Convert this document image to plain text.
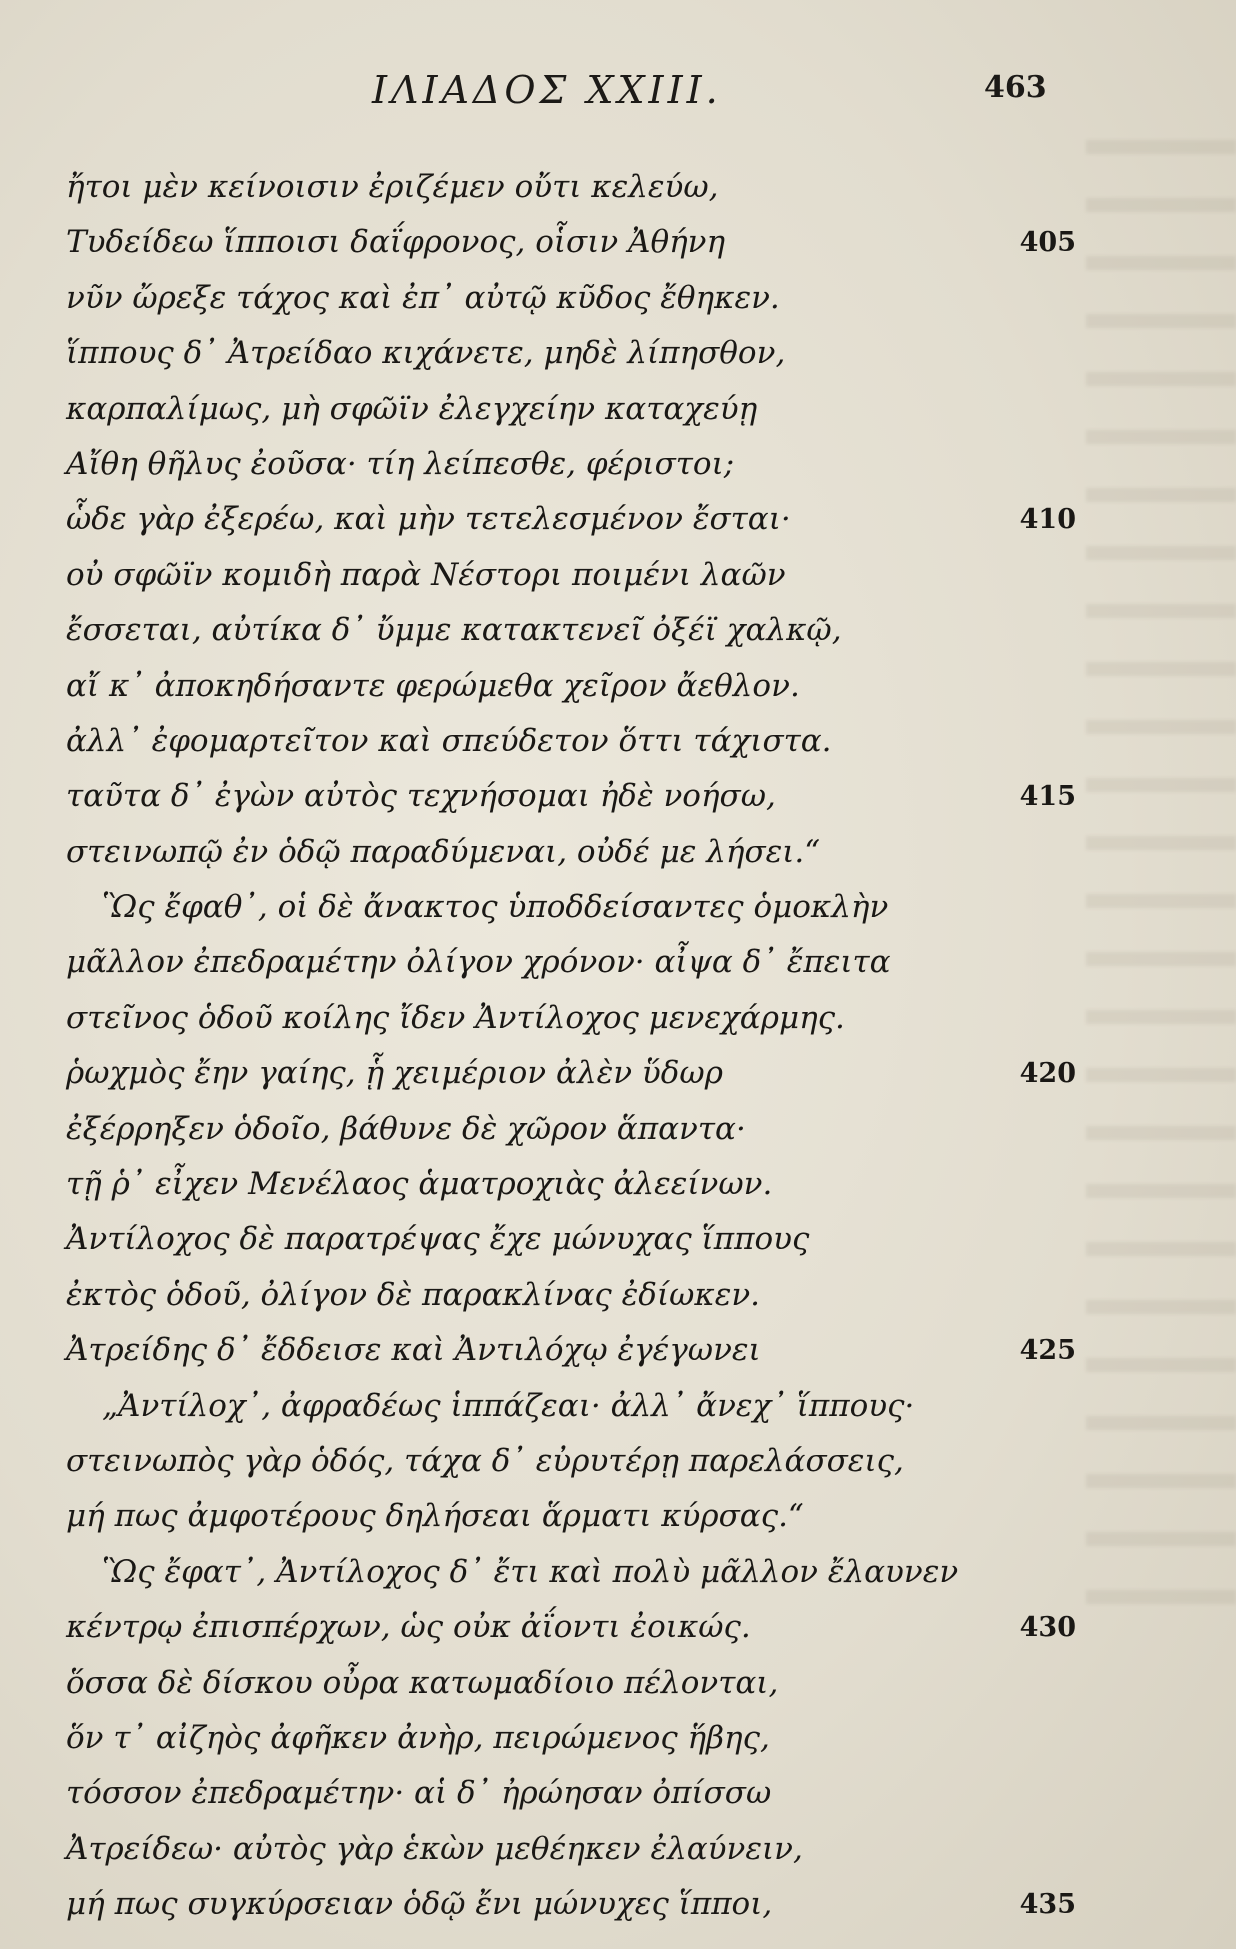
ΙΛΙΑΔΟΣ XXIII.	463
ἤτοι μὲν κείνοισιν ἐριζέμεν οὔτι κελεύω,
Τυδείδεω ἵπποισι δαΐφρονος, οἷσιν Ἀθήνη	405
νῦν ὤρεξε τάχος καὶ ἐπ᾽ αὐτῷ κῦδος ἔθηκεν.
ἵππους δ᾽ Ἀτρείδαο κιχάνετε, μηδὲ λίπησθον,
καρπαλίμως, μὴ σφῶϊν ἐλεγχείην καταχεύῃ
Αἴθη θῆλυς ἐοῦσα· τίη λείπεσθε, φέριστοι;
ὧδε γὰρ ἐξερέω, καὶ μὴν τετελεσμένον ἔσται·	410
οὐ σφῶϊν κομιδὴ παρὰ Νέστορι ποιμένι λαῶν
ἔσσεται, αὐτίκα δ᾽ ὔμμε κατακτενεῖ ὀξέϊ χαλκῷ,
αἴ κ᾽ ἀποκηδήσαντε φερώμεθα χεῖρον ἄεθλον.
ἀλλ᾽ ἐφομαρτεῖτον καὶ σπεύδετον ὅττι τάχιστα.
ταῦτα δ᾽ ἐγὼν αὐτὸς τεχνήσομαι ἠδὲ νοήσω,	415
στεινωπῷ ἐν ὁδῷ παραδύμεναι, οὐδέ με λήσει.“
Ὣς ἔφαθ᾽, οἱ δὲ ἄνακτος ὑποδδείσαντες ὁμοκλὴν
μᾶλλον ἐπεδραμέτην ὀλίγον χρόνον· αἶψα δ᾽ ἔπειτα
στεῖνος ὁδοῦ κοίλης ἴδεν Ἀντίλοχος μενεχάρμης.
ῥωχμὸς ἔην γαίης, ᾗ χειμέριον ἀλὲν ὕδωρ	420
ἐξέρρηξεν ὁδοῖο, βάθυνε δὲ χῶρον ἅπαντα·
τῇ ῥ᾽ εἶχεν Μενέλαος ἁματροχιὰς ἀλεείνων.
Ἀντίλοχος δὲ παρατρέψας ἔχε μώνυχας ἵππους
ἐκτὸς ὁδοῦ, ὀλίγον δὲ παρακλίνας ἐδίωκεν.
Ἀτρείδης δ᾽ ἔδδεισε καὶ Ἀντιλόχῳ ἐγέγωνει	425
„Ἀντίλοχ᾽, ἀφραδέως ἱππάζεαι· ἀλλ᾽ ἄνεχ᾽ ἵππους·
στεινωπὸς γὰρ ὁδός, τάχα δ᾽ εὐρυτέρῃ παρελάσσεις,
μή πως ἀμφοτέρους δηλήσεαι ἅρματι κύρσας.“
Ὣς ἔφατ᾽, Ἀντίλοχος δ᾽ ἔτι καὶ πολὺ μᾶλλον ἔλαυνεν
κέντρῳ ἐπισπέρχων, ὡς οὐκ ἀΐοντι ἐοικώς.	430
ὅσσα δὲ δίσκου οὖρα κατωμαδίοιο πέλονται,
ὅν τ᾽ αἰζηὸς ἀφῆκεν ἀνὴρ, πειρώμενος ἥβης,
τόσσον ἐπεδραμέτην· αἱ δ᾽ ἠρώησαν ὀπίσσω
Ἀτρείδεω· αὐτὸς γὰρ ἑκὼν μεθέηκεν ἐλαύνειν,
μή πως συγκύρσειαν ὁδῷ ἔνι μώνυχες ἵπποι,	435
